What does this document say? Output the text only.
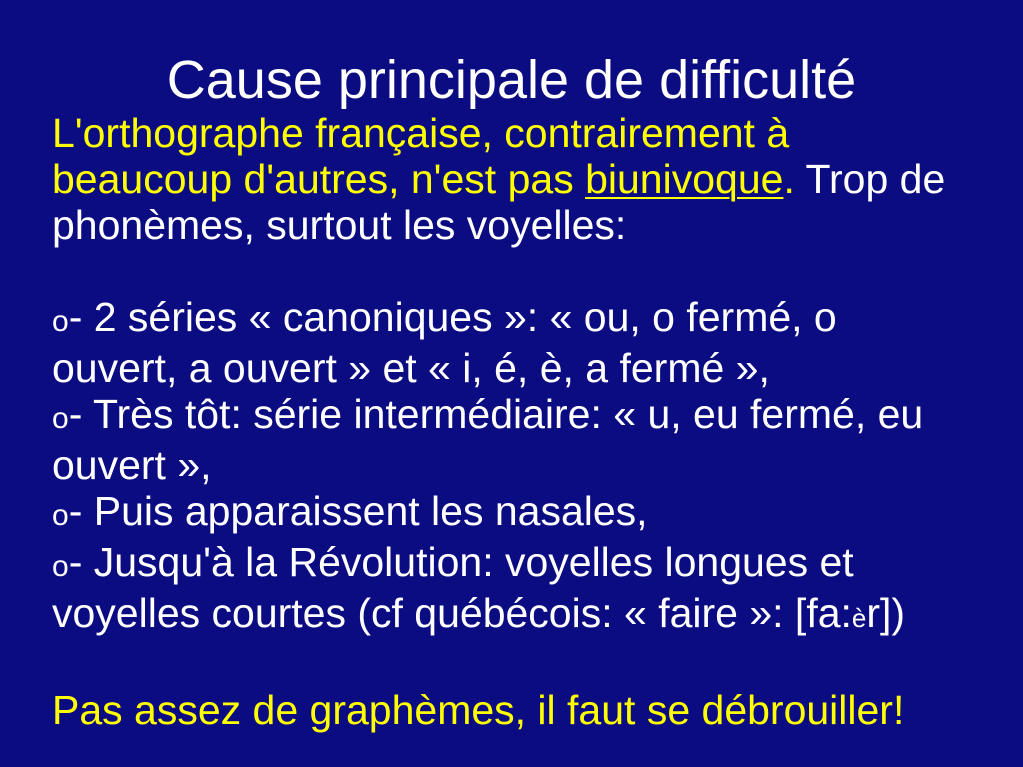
Cause principale de difficulté

L'orthographe française, contrairement à beaucoup d'autres, n'est pas biunivoque. Trop de phonèmes, surtout les voyelles:

o- 2 séries « canoniques »: « ou, o fermé, o ouvert, a ouvert » et « i, é, è, a fermé »,

o- Très tôt: série intermédiaire: « u, eu fermé, eu ouvert »,

o- Puis apparaissent les nasales,

o- Jusqu'à la Révolution: voyelles longues et voyelles courtes (cf québécois: « faire »: [fa:èr])

Pas assez de graphèmes, il faut se débrouiller!
